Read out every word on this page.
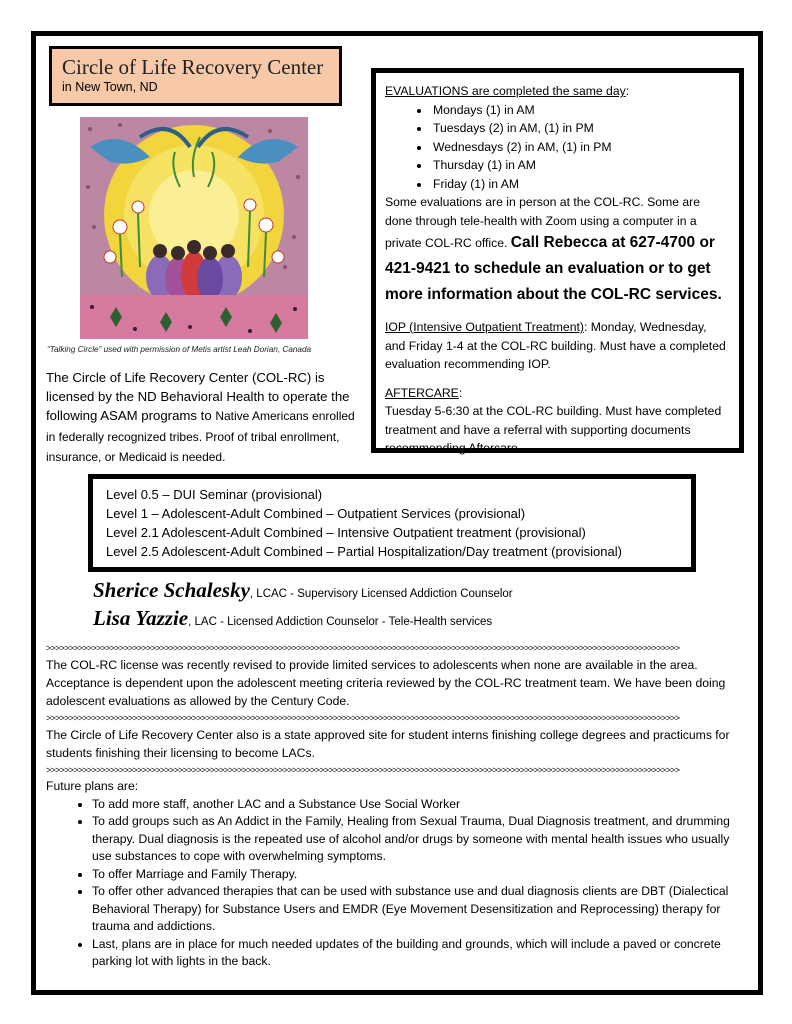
Circle of Life Recovery Center
in New Town, ND
“Talking Circle” used with permission of Metis artist Leah Dorian, Canada
The Circle of Life Recovery Center (COL-RC) is licensed by the ND Behavioral Health to operate the following ASAM programs to Native Americans enrolled in federally recognized tribes. Proof of tribal enrollment, insurance, or Medicaid is needed.
EVALUATIONS are completed the same day:
• Mondays (1) in AM
• Tuesdays (2) in AM, (1) in PM
• Wednesdays (2) in AM, (1) in PM
• Thursday (1) in AM
• Friday (1) in AM
Some evaluations are in person at the COL-RC. Some are done through tele-health with Zoom using a computer in a private COL-RC office. Call Rebecca at 627-4700 or 421-9421 to schedule an evaluation or to get more information about the COL-RC services.
IOP (Intensive Outpatient Treatment): Monday, Wednesday, and Friday 1-4 at the COL-RC building. Must have a completed evaluation recommending IOP.
AFTERCARE:
Tuesday 5-6:30 at the COL-RC building. Must have completed treatment and have a referral with supporting documents recommending Aftercare.
Level 0.5 – DUI Seminar (provisional)
Level 1 – Adolescent-Adult Combined – Outpatient Services (provisional)
Level 2.1 Adolescent-Adult Combined – Intensive Outpatient treatment (provisional)
Level 2.5 Adolescent-Adult Combined – Partial Hospitalization/Day treatment (provisional)
Sherice Schalesky, LCAC - Supervisory Licensed Addiction Counselor
Lisa Yazzie, LAC - Licensed Addiction Counselor - Tele-Health services
>>>>>>>>>>>>>>>>>>>>>>>>>>>>>>>>>>>>>>>>>>>>>>>>>>>>>>>>>>>>>>>>>>>>>>>>>>>>>>>>>>>>>>>>>>>>>>>>>>>>>>>>>>>>>>>>>>>>>>>>>>>>>>>>>>>>>>>>>>>
The COL-RC license was recently revised to provide limited services to adolescents when none are available in the area. Acceptance is dependent upon the adolescent meeting criteria reviewed by the COL-RC treatment team. We have been doing adolescent evaluations as allowed by the Century Code.
>>>>>>>>>>>>>>>>>>>>>>>>>>>>>>>>>>>>>>>>>>>>>>>>>>>>>>>>>>>>>>>>>>>>>>>>>>>>>>>>>>>>>>>>>>>>>>>>>>>>>>>>>>>>>>>>>>>>>>>>>>>>>>>>>>>>>>>>>>>
The Circle of Life Recovery Center also is a state approved site for student interns finishing college degrees and practicums for students finishing their licensing to become LACs.
>>>>>>>>>>>>>>>>>>>>>>>>>>>>>>>>>>>>>>>>>>>>>>>>>>>>>>>>>>>>>>>>>>>>>>>>>>>>>>>>>>>>>>>>>>>>>>>>>>>>>>>>>>>>>>>>>>>>>>>>>>>>>>>>>>>>>>>>>>>
Future plans are:
• To add more staff, another LAC and a Substance Use Social Worker
• To add groups such as An Addict in the Family, Healing from Sexual Trauma, Dual Diagnosis treatment, and drumming therapy. Dual diagnosis is the repeated use of alcohol and/or drugs by someone with mental health issues who usually use substances to cope with overwhelming symptoms.
• To offer Marriage and Family Therapy.
• To offer other advanced therapies that can be used with substance use and dual diagnosis clients are DBT (Dialectical Behavioral Therapy) for Substance Users and EMDR (Eye Movement Desensitization and Reprocessing) therapy for trauma and addictions.
• Last, plans are in place for much needed updates of the building and grounds, which will include a paved or concrete parking lot with lights in the back.
